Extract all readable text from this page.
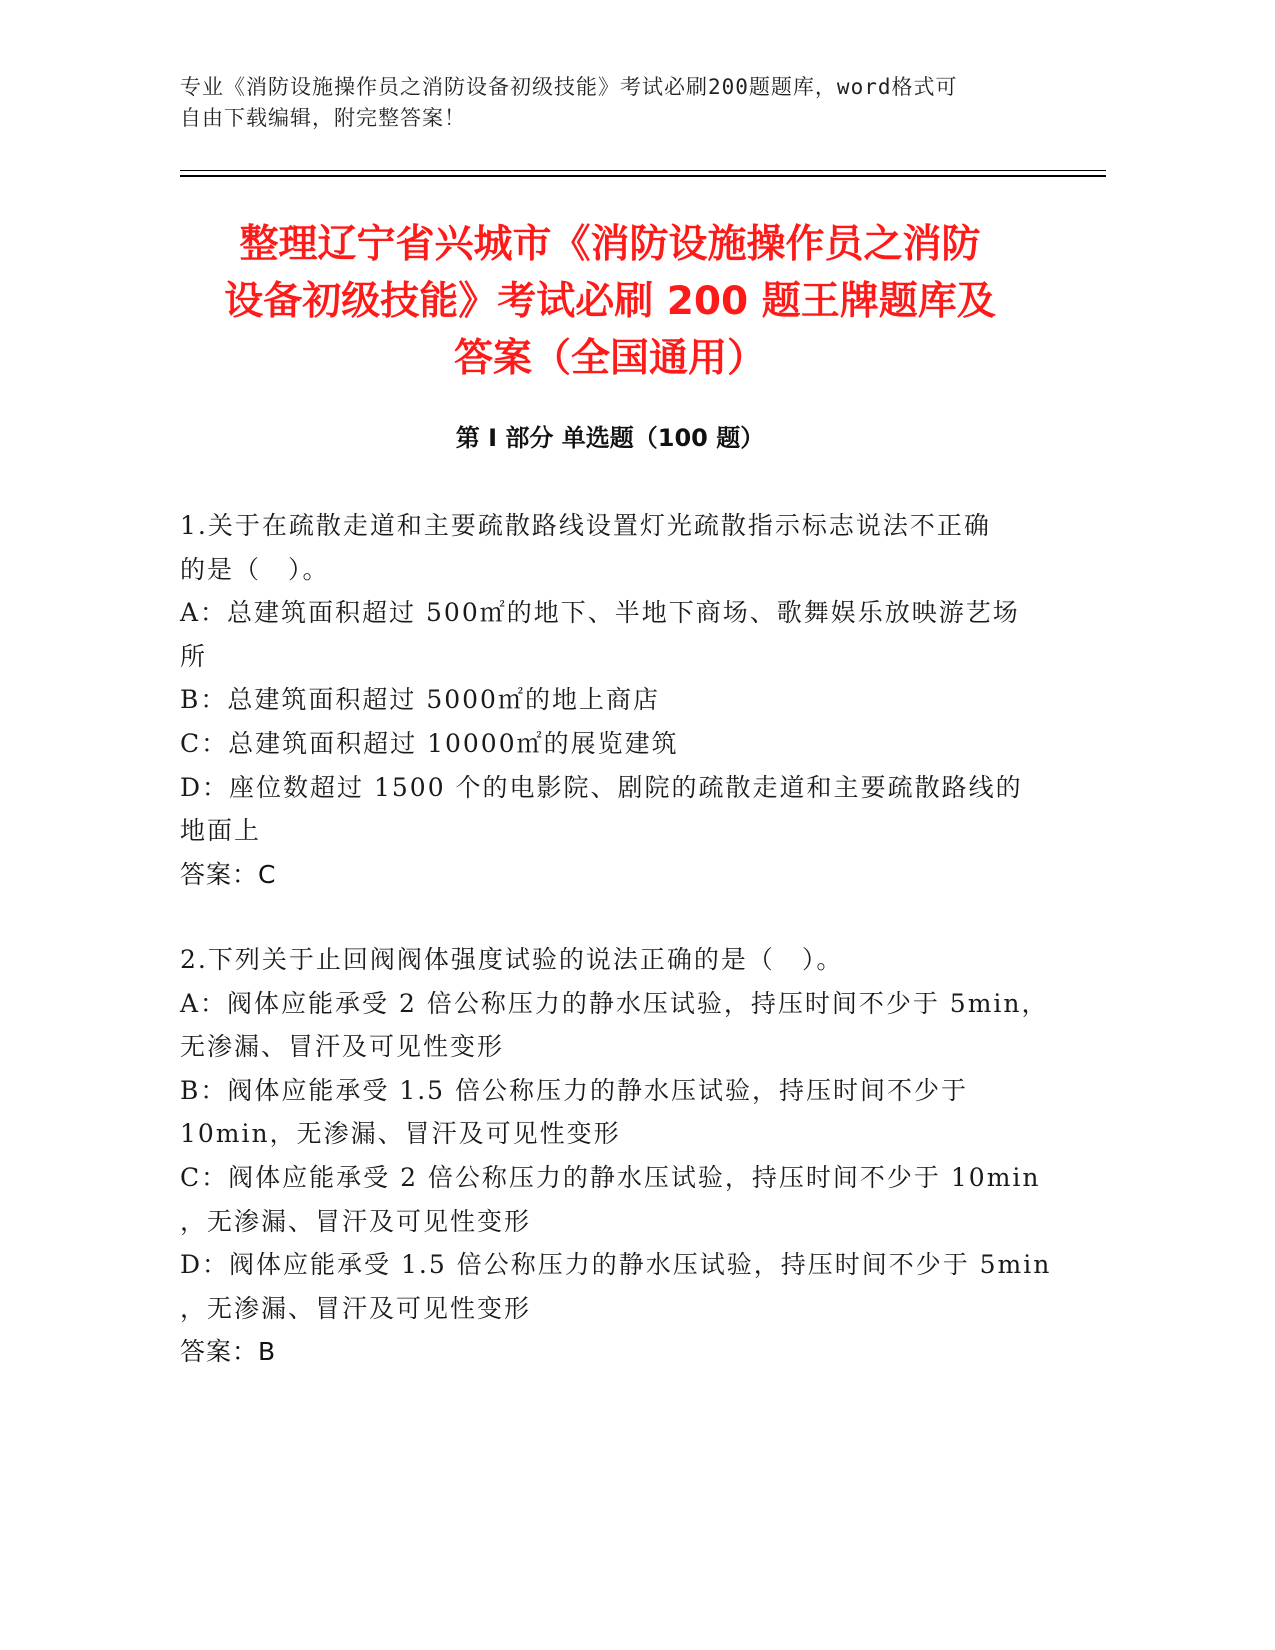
专业《消防设施操作员之消防设备初级技能》考试必刷200题题库，word格式可
自由下载编辑，附完整答案！
整理辽宁省兴城市《消防设施操作员之消防
设备初级技能》考试必刷 200 题王牌题库及
答案（全国通用）
第 I 部分 单选题（100 题）
1.关于在疏散走道和主要疏散路线设置灯光疏散指示标志说法不正确
的是（　）。
A：总建筑面积超过 500㎡的地下、半地下商场、歌舞娱乐放映游艺场
所
B：总建筑面积超过 5000㎡的地上商店
C：总建筑面积超过 10000㎡的展览建筑
D：座位数超过 1500 个的电影院、剧院的疏散走道和主要疏散路线的
地面上
答案：C
2.下列关于止回阀阀体强度试验的说法正确的是（　）。
A：阀体应能承受 2 倍公称压力的静水压试验，持压时间不少于 5min，
无渗漏、冒汗及可见性变形
B：阀体应能承受 1.5 倍公称压力的静水压试验，持压时间不少于
10min，无渗漏、冒汗及可见性变形
C：阀体应能承受 2 倍公称压力的静水压试验，持压时间不少于 10min
，无渗漏、冒汗及可见性变形
D：阀体应能承受 1.5 倍公称压力的静水压试验，持压时间不少于 5min
，无渗漏、冒汗及可见性变形
答案：B
